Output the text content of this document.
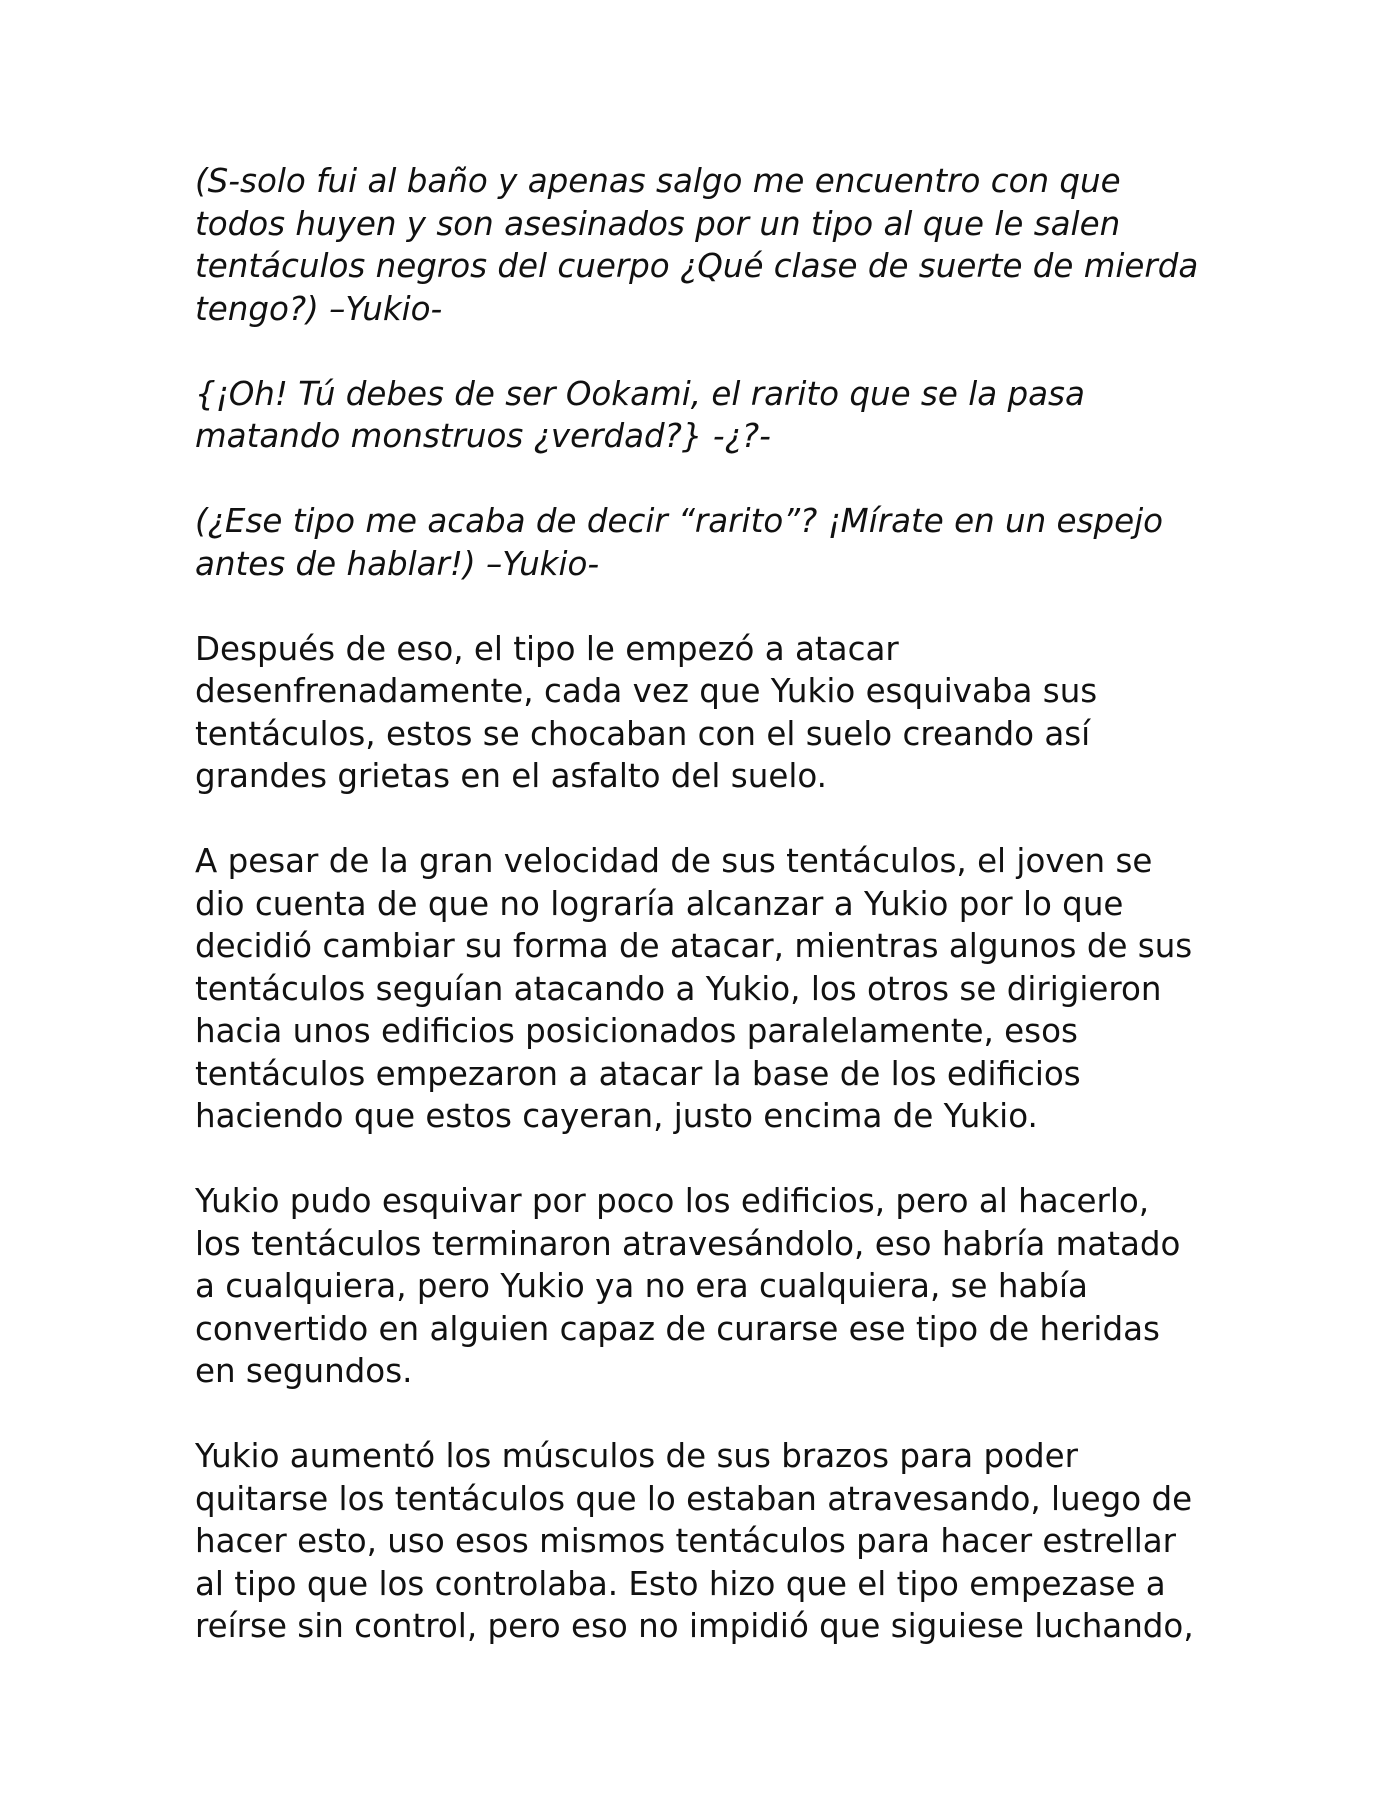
(S-solo fui al baño y apenas salgo me encuentro con que
todos huyen y son asesinados por un tipo al que le salen
tentáculos negros del cuerpo ¿Qué clase de suerte de mierda
tengo?) –Yukio-

{¡Oh! Tú debes de ser Ookami, el rarito que se la pasa
matando monstruos ¿verdad?} -¿?-

(¿Ese tipo me acaba de decir “rarito”? ¡Mírate en un espejo
antes de hablar!) –Yukio-

Después de eso, el tipo le empezó a atacar
desenfrenadamente, cada vez que Yukio esquivaba sus
tentáculos, estos se chocaban con el suelo creando así
grandes grietas en el asfalto del suelo.

A pesar de la gran velocidad de sus tentáculos, el joven se
dio cuenta de que no lograría alcanzar a Yukio por lo que
decidió cambiar su forma de atacar, mientras algunos de sus
tentáculos seguían atacando a Yukio, los otros se dirigieron
hacia unos edificios posicionados paralelamente, esos
tentáculos empezaron a atacar la base de los edificios
haciendo que estos cayeran, justo encima de Yukio.

Yukio pudo esquivar por poco los edificios, pero al hacerlo,
los tentáculos terminaron atravesándolo, eso habría matado
a cualquiera, pero Yukio ya no era cualquiera, se había
convertido en alguien capaz de curarse ese tipo de heridas
en segundos.

Yukio aumentó los músculos de sus brazos para poder
quitarse los tentáculos que lo estaban atravesando, luego de
hacer esto, uso esos mismos tentáculos para hacer estrellar
al tipo que los controlaba. Esto hizo que el tipo empezase a
reírse sin control, pero eso no impidió que siguiese luchando,
